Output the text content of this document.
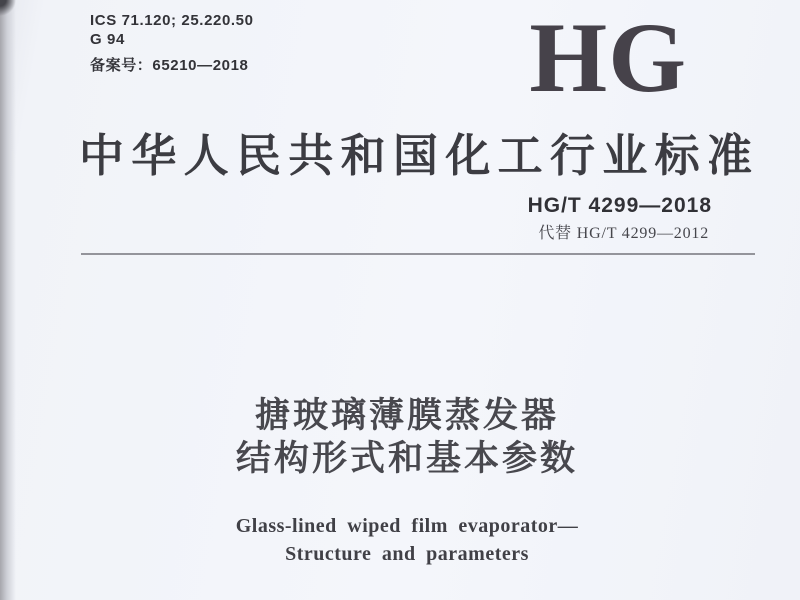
ICS 71.120; 25.220.50
G 94
备案号：65210—2018	HG
中华人民共和国化工行业标准
HG/T 4299—2018
代替 HG/T 4299—2012
搪玻璃薄膜蒸发器
结构形式和基本参数
Glass-lined wiped film evaporator—
Structure and parameters
